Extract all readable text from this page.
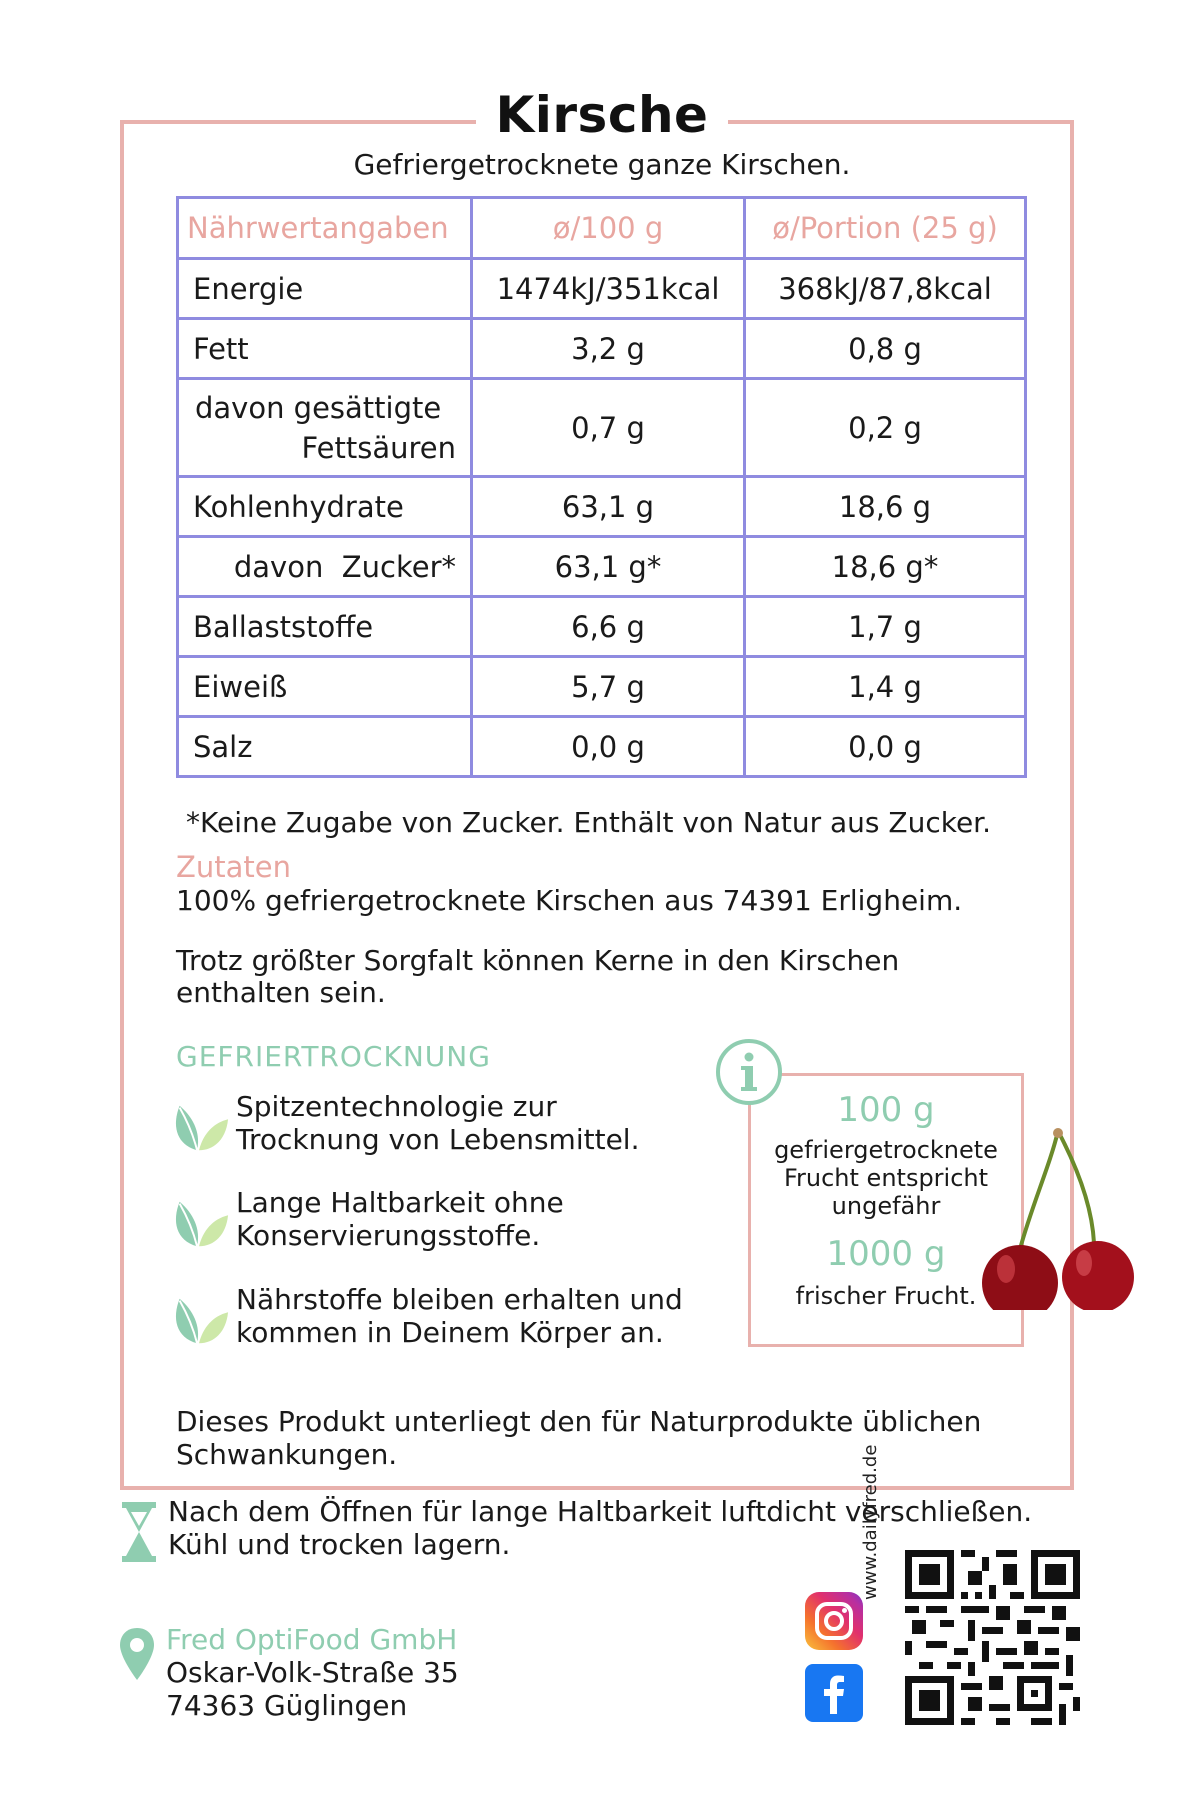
Kirsche
Gefriergetrocknete ganze Kirschen.
Nährwertangaben	ø/100 g	ø/Portion (25 g)
Energie	1474kJ/351kcal	368kJ/87,8kcal
Fett	3,2 g	0,8 g

davon gesättigte
Fettsäuren	0,7 g	0,2 g
Kohlenhydrate	63,1 g	18,6 g
davon  Zucker*	63,1 g*	18,6 g*
Ballaststoffe	6,6 g	1,7 g
Eiweiß	5,7 g	1,4 g
Salz	0,0 g	0,0 g
*Keine Zugabe von Zucker. Enthält von Natur aus Zucker.
Zutaten
100% gefriergetrocknete Kirschen aus 74391 Erligheim.
Trotz größter Sorgfalt können Kerne in den Kirschen
enthalten sein.
GEFRIERTROCKNUNG
Spitzentechnologie zur
Trocknung von Lebensmittel.
Lange Haltbarkeit ohne
Konservierungsstoffe.
Nährstoffe bleiben erhalten und
kommen in Deinem Körper an.
100 g
gefriergetrocknete
Frucht entspricht
ungefähr
1000 g
frischer Frucht.
Dieses Produkt unterliegt den für Naturprodukte üblichen
Schwankungen.
Nach dem Öffnen für lange Haltbarkeit luftdicht verschließen.
Kühl und trocken lagern.
Fred OptiFood GmbH
Oskar-Volk-Straße 35
74363 Güglingen
www.dailyfred.de
